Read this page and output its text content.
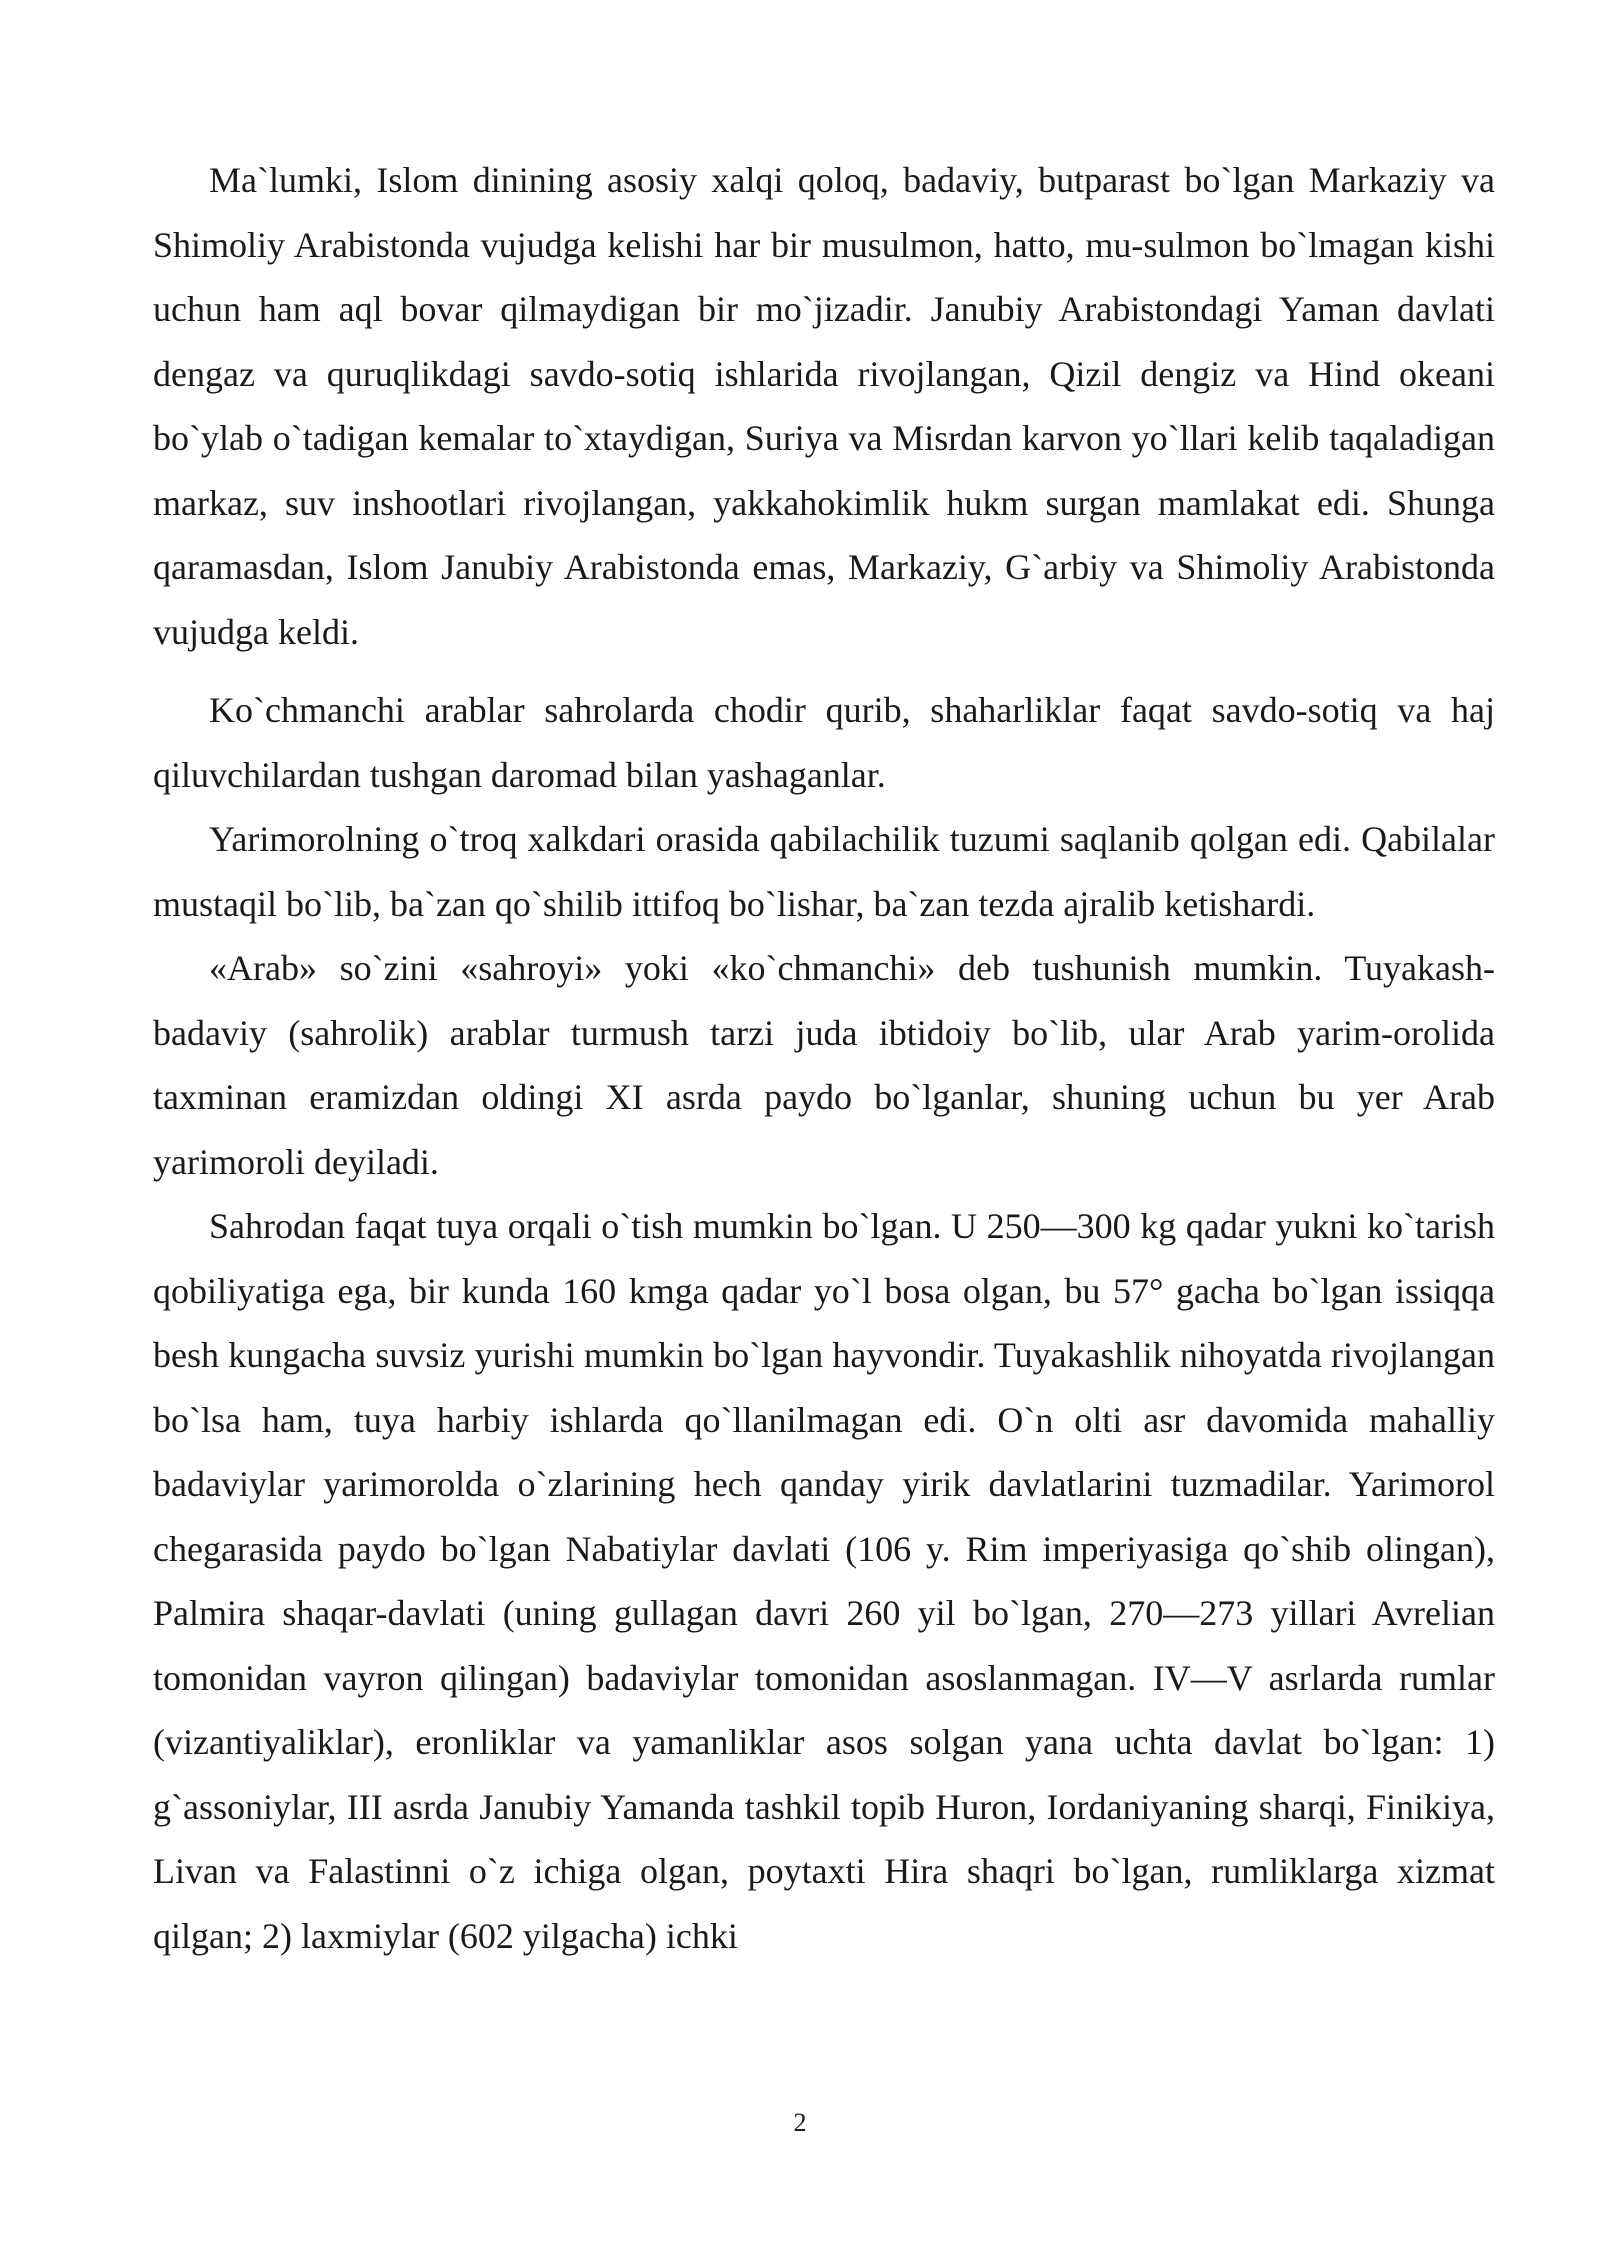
Ma`lumki, Islom dinining asosiy xalqi qoloq, badaviy, butparast bo`lgan Markaziy va Shimoliy Arabistonda vujudga kelishi har bir musulmon, hatto, mu-sulmon bo`lmagan kishi uchun ham aql bovar qilmaydigan bir mo`jizadir. Janubiy Arabistondagi Yaman davlati dengaz va quruqlikdagi savdo-sotiq ishlarida rivojlangan, Qizil dengiz va Hind okeani bo`ylab o`tadigan kemalar to`xtaydigan, Suriya va Misrdan karvon yo`llari kelib taqaladigan markaz, suv inshootlari rivojlangan, yakkahokimlik hukm surgan mamlakat edi. Shunga qaramasdan, Islom Janubiy Arabistonda emas, Markaziy, G`arbiy va Shimoliy Arabistonda vujudga keldi.

Ko`chmanchi arablar sahrolarda chodir qurib, shaharliklar faqat savdo-sotiq va haj qiluvchilardan tushgan daromad bilan yashaganlar.

Yarimorolning o`troq xalkdari orasida qabilachilik tuzumi saqlanib qolgan edi. Qabilalar mustaqil bo`lib, ba`zan qo`shilib ittifoq bo`lishar, ba`zan tezda ajralib ketishardi.

«Arab» so`zini «sahroyi» yoki «ko`chmanchi» deb tushunish mumkin. Tuyakash-badaviy (sahrolik) arablar turmush tarzi juda ibtidoiy bo`lib, ular Arab yarim-orolida taxminan eramizdan oldingi XI asrda paydo bo`lganlar, shuning uchun bu yer Arab yarimoroli deyiladi.

Sahrodan faqat tuya orqali o`tish mumkin bo`lgan. U 250—300 kg qadar yukni ko`tarish qobiliyatiga ega, bir kunda 160 kmga qadar yo`l bosa olgan, bu 57° gacha bo`lgan issiqqa besh kungacha suvsiz yurishi mumkin bo`lgan hayvondir. Tuyakashlik nihoyatda rivojlangan bo`lsa ham, tuya harbiy ishlarda qo`llanilmagan edi. O`n olti asr davomida mahalliy badaviylar yarimorolda o`zlarining hech qanday yirik davlatlarini tuzmadilar. Yarimorol chegarasida paydo bo`lgan Nabatiylar davlati (106 y. Rim imperiyasiga qo`shib olingan), Palmira shaqar-davlati (uning gullagan davri 260 yil bo`lgan, 270—273 yillari Avrelian tomonidan vayron qilingan) badaviylar tomonidan asoslanmagan. IV—V asrlarda rumlar (vizantiyaliklar), eronliklar va yamanliklar asos solgan yana uchta davlat bo`lgan: 1) g`assoniylar, III asrda Janubiy Yamanda tashkil topib Huron, Iordaniyaning sharqi, Finikiya, Livan va Falastinni o`z ichiga olgan, poytaxti Hira shaqri bo`lgan, rumliklarga xizmat qilgan; 2) laxmiylar (602 yilgacha) ichki

2
